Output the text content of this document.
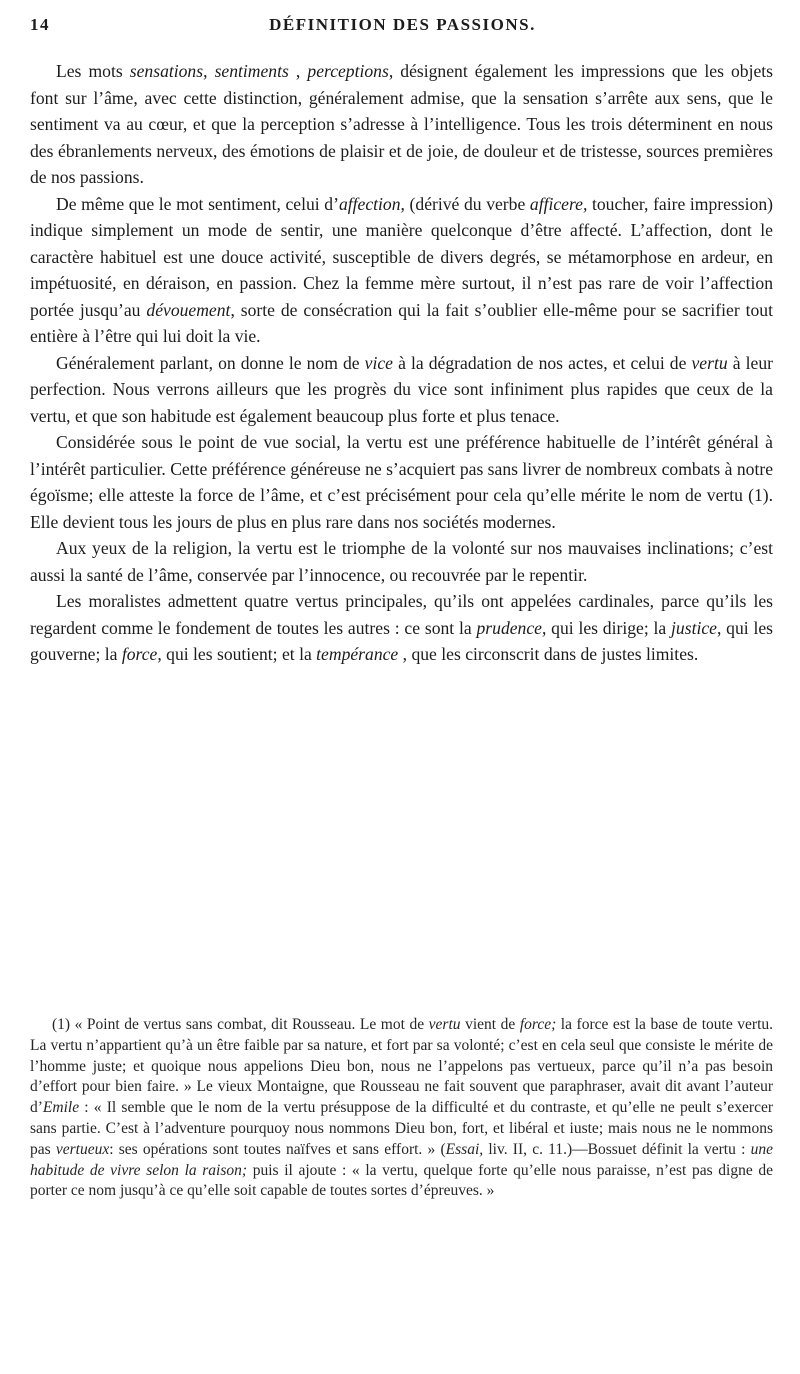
14	DÉFINITION DES PASSIONS.

Les mots sensations, sentiments , perceptions, désignent également les impressions que les objets font sur l’âme, avec cette distinction, généralement admise, que la sensation s’arrête aux sens, que le sentiment va au cœur, et que la perception s’adresse à l’intelligence. Tous les trois déterminent en nous des ébranlements nerveux, des émotions de plaisir et de joie, de douleur et de tristesse, sources premières de nos passions.

De même que le mot sentiment, celui d’affection, (dérivé du verbe afficere, toucher, faire impression) indique simplement un mode de sentir, une manière quelconque d’être affecté. L’affection, dont le caractère habituel est une douce activité, susceptible de divers degrés, se métamorphose en ardeur, en impétuosité, en déraison, en passion. Chez la femme mère surtout, il n’est pas rare de voir l’affection portée jusqu’au dévouement, sorte de consécration qui la fait s’oublier elle-même pour se sacrifier tout entière à l’être qui lui doit la vie.

Généralement parlant, on donne le nom de vice à la dégradation de nos actes, et celui de vertu à leur perfection. Nous verrons ailleurs que les progrès du vice sont infiniment plus rapides que ceux de la vertu, et que son habitude est également beaucoup plus forte et plus tenace.

Considérée sous le point de vue social, la vertu est une préférence habituelle de l’intérêt général à l’intérêt particulier. Cette préférence généreuse ne s’acquiert pas sans livrer de nombreux combats à notre égoïsme; elle atteste la force de l’âme, et c’est précisément pour cela qu’elle mérite le nom de vertu (1). Elle devient tous les jours de plus en plus rare dans nos sociétés modernes.

Aux yeux de la religion, la vertu est le triomphe de la volonté sur nos mauvaises inclinations; c’est aussi la santé de l’âme, conservée par l’innocence, ou recouvrée par le repentir.

Les moralistes admettent quatre vertus principales, qu’ils ont appelées cardinales, parce qu’ils les regardent comme le fondement de toutes les autres : ce sont la prudence, qui les dirige; la justice, qui les gouverne; la force, qui les soutient; et la tempérance , que les circonscrit dans de justes limites.

(1) « Point de vertus sans combat, dit Rousseau. Le mot de vertu vient de force; la force est la base de toute vertu. La vertu n’appartient qu’à un être faible par sa nature, et fort par sa volonté; c’est en cela seul que consiste le mérite de l’homme juste; et quoique nous appelions Dieu bon, nous ne l’appelons pas vertueux, parce qu’il n’a pas besoin d’effort pour bien faire. » Le vieux Montaigne, que Rousseau ne fait souvent que paraphraser, avait dit avant l’auteur d’Emile : « Il semble que le nom de la vertu présuppose de la difficulté et du contraste, et qu’elle ne peult s’exercer sans partie. C’est à l’adventure pourquoy nous nommons Dieu bon, fort, et libéral et iuste; mais nous ne le nommons pas vertueux: ses opérations sont toutes naïfves et sans effort. » (Essai, liv. II, c. 11.)—Bossuet définit la vertu : une habitude de vivre selon la raison; puis il ajoute : « la vertu, quelque forte qu’elle nous paraisse, n’est pas digne de porter ce nom jusqu’à ce qu’elle soit capable de toutes sortes d’épreuves. »
